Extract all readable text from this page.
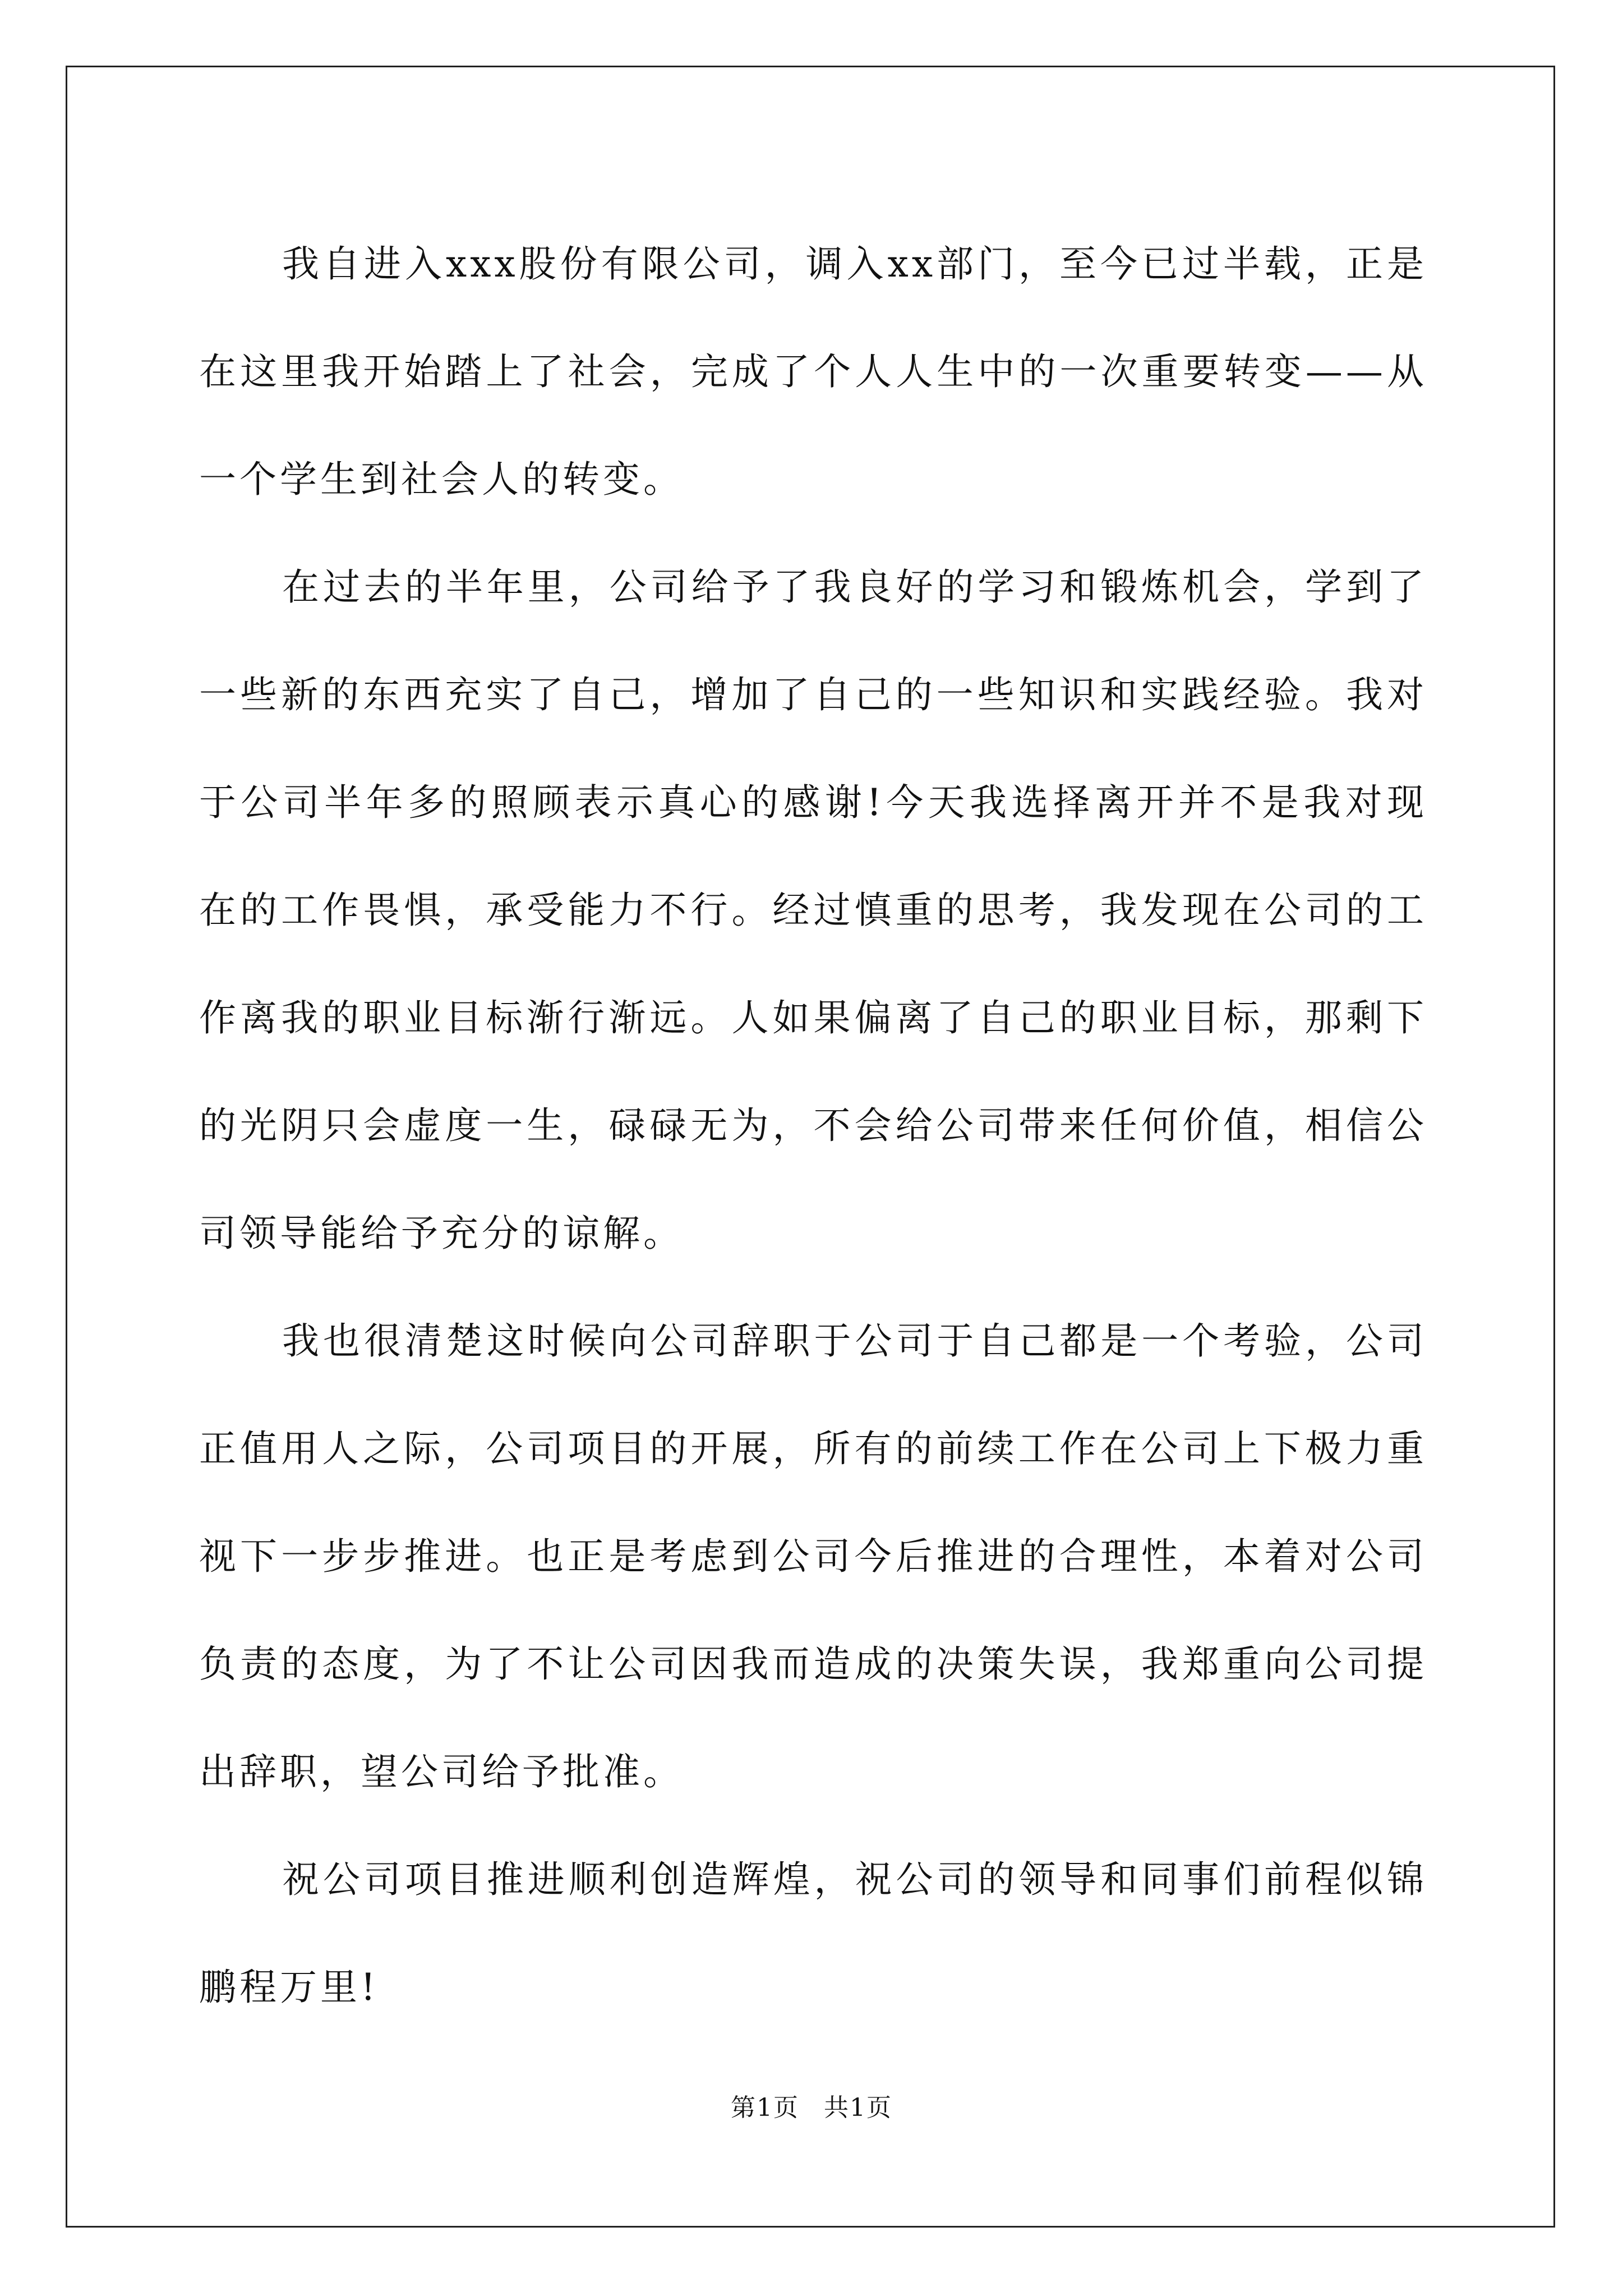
我自进入xxx股份有限公司，调入xx部门，至今已过半载，正是在这里我开始踏上了社会，完成了个人人生中的一次重要转变——从一个学生到社会人的转变。

在过去的半年里，公司给予了我良好的学习和锻炼机会，学到了一些新的东西充实了自己，增加了自己的一些知识和实践经验。我对于公司半年多的照顾表示真心的感谢!今天我选择离开并不是我对现在的工作畏惧，承受能力不行。经过慎重的思考，我发现在公司的工作离我的职业目标渐行渐远。人如果偏离了自己的职业目标，那剩下的光阴只会虚度一生，碌碌无为，不会给公司带来任何价值，相信公司领导能给予充分的谅解。

我也很清楚这时候向公司辞职于公司于自己都是一个考验，公司正值用人之际，公司项目的开展，所有的前续工作在公司上下极力重视下一步步推进。也正是考虑到公司今后推进的合理性，本着对公司负责的态度，为了不让公司因我而造成的决策失误，我郑重向公司提出辞职，望公司给予批准。

祝公司项目推进顺利创造辉煌，祝公司的领导和同事们前程似锦鹏程万里!

第1页 共1页
